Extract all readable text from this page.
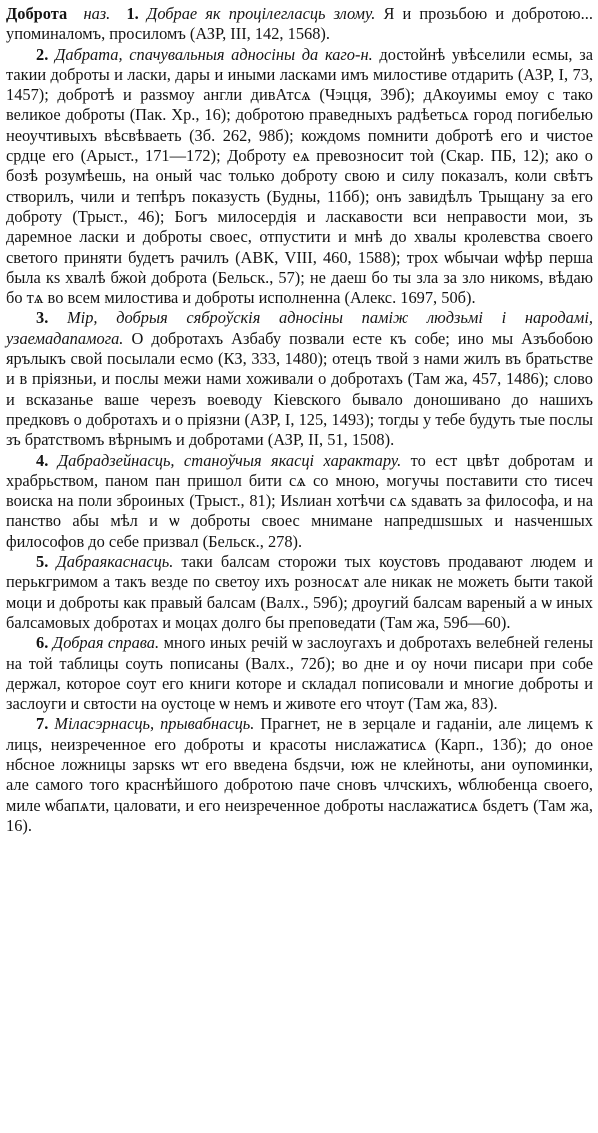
Доброта наз. 1. Добрае як процілегласць злому. Я и прозьбою и добротою... упоминаломъ, просиломъ (АЗР, III, 142, 1568).

2. Дабрата, спачувальныя адносіны да каго-н. достойнѣ увѣселили есмы, за такии доброты и ласки, дары и иными ласками имъ милостиве отдарить (АЗР, I, 73, 1457); добротѣ и разѕмоу англи дивАтсѧ (Чэцця, 39б); дАкоуимы емоу с тако великое доброты (Пак. Хр., 16); добротою праведныхъ радѣетьсѧ город погибелью неоучтивыхъ вѣсвѣваеть (Зб. 262, 98б); кождомѕ помнити добротѣ его и чистое срдце его (Арыст., 171—172); Доброту еѧ превозносит тоѝ (Скар. ПБ, 12); ако о бозѣ розумѣешь, на оный час только доброту свою и силу показалъ, коли свѣтъ створилъ, чили и тепѣръ показусть (Будны, 11бб); онъ завидѣлъ Трыщану за его доброту (Трыст., 46); Богъ милосердія и ласкавости вси неправости мои, зъ даремное ласки и доброты своес, отпустити и мнѣ до хвалы кролевства своего светого приняти будетъ рачилъ (АВК, VIII, 460, 1588); трох ѡбычаи ѡфѣр перша была кѕ хвалѣ бжоѝ доброта (Бельск., 57); не даеш бо ты зла за зло никомѕ, вѣдаю бо тѧ во всем милостива и доброты исполненна (Алекс. 1697, 50б).

3. Мір, добрыя сяброўскія адносіны паміж людзьмі і народамі, узаемадапамога. О добротахъ Азбабу позвали есте къ собе; ино мы Азъбобою ярълыкъ свой посылали есмо (КЗ, 333, 1480); отецъ твой з нами жилъ въ братьстве и в прiязньи, и послы межи нами хоживали о добротахъ (Там жа, 457, 1486); слово и всказанье ваше черезъ воеводу Кiевского бывало доношивано до нашихъ предковъ о добротахъ и о прiязни (АЗР, I, 125, 1493); тогды у тебе будуть тые послы зъ братствомъ вѣрнымъ и добротами (АЗР, II, 51, 1508).

4. Дабрадзейнасць, станоўчыя якасці характару. то ест цвѣт добротам и храбрьством, паном пан пришол бити сѧ со мною, могучы поставити сто тисеч воиска на поли зброиных (Трыст., 81); Иѕлиан хотѣчи сѧ ѕдавать за философа, и на панство абы мѣл и ѡ доброты своес мнимане напредшѕшых и наѕченшых философов до себе призвал (Бельск., 278).

5. Дабраякаснасць. таки балсам сторожи тых коустовъ продавают людем и перькгримом а такъ везде по светоу ихъ розносѧт але никак не можеть быти такой моци и доброты как правый балсам (Валх., 59б); дроугий балсам вареный а ѡ иных балсамовых добротах и моцах долго бы преповедати (Там жа, 59б—60).

6. Добрая справа. много иных речій ѡ заслоугахъ и добротахъ велебней гелены на той таблицы соуть пописаны (Валх., 72б); во дне и оу ночи писари при собе держал, которое соут его книги которе и складал пописовали и многие доброты и заслоуги и свтости на оустоце ѡ немъ и животе его чтоут (Там жа, 83).

7. Міласэрнасць, прывабнасць. Прагнет, не в зерцале и гаданіи, але лицемъ к лицѕ, неизреченное его доброты и красоты нислажатисѧ (Карп., 13б); до оное нбсное ложницы зарѕкѕ ѡт его введена бѕдѕчи, юж не клейноты, ани оупоминки, але самого того краснѣйшого добротою паче сновъ члчскихъ, ѡблюбенца своего, миле ѡбапѧти, цаловати, и его неизреченное доброты наслажатисѧ бѕдетъ (Там жа, 16).
